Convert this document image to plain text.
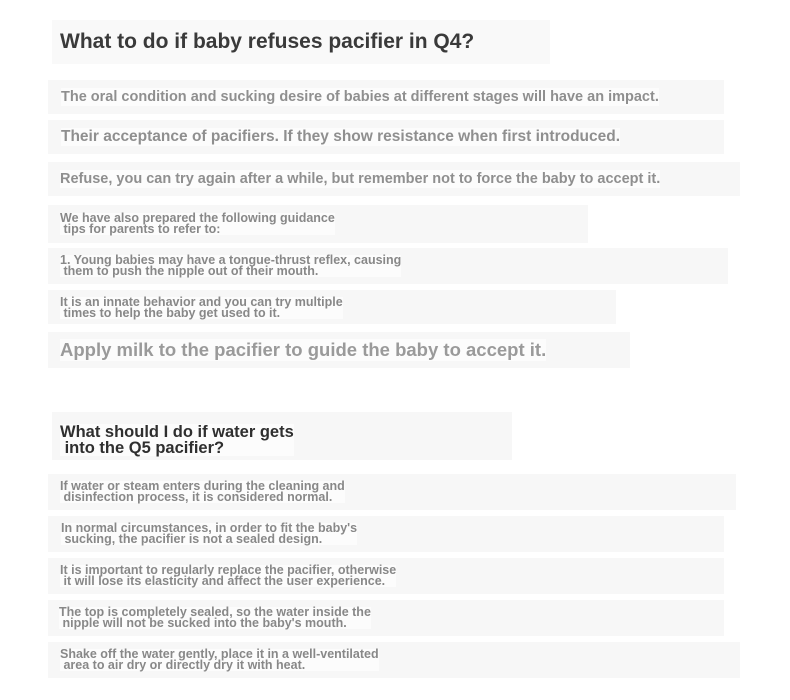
What to do if baby refuses pacifier in Q4?
The oral condition and sucking desire of babies at different stages will have an impact.
Their acceptance of pacifiers. If they show resistance when first introduced.
Refuse, you can try again after a while, but remember not to force the baby to accept it.
We have also prepared the following guidance
tips for parents to refer to:
1. Young babies may have a tongue-thrust reflex, causing
them to push the nipple out of their mouth.
It is an innate behavior and you can try multiple
times to help the baby get used to it.
Apply milk to the pacifier to guide the baby to accept it.
What should I do if water gets
into the Q5 pacifier?
If water or steam enters during the cleaning and
disinfection process, it is considered normal.
In normal circumstances, in order to fit the baby's
sucking, the pacifier is not a sealed design.
It is important to regularly replace the pacifier, otherwise
it will lose its elasticity and affect the user experience.
The top is completely sealed, so the water inside the
nipple will not be sucked into the baby's mouth.
Shake off the water gently, place it in a well-ventilated
area to air dry or directly dry it with heat.
